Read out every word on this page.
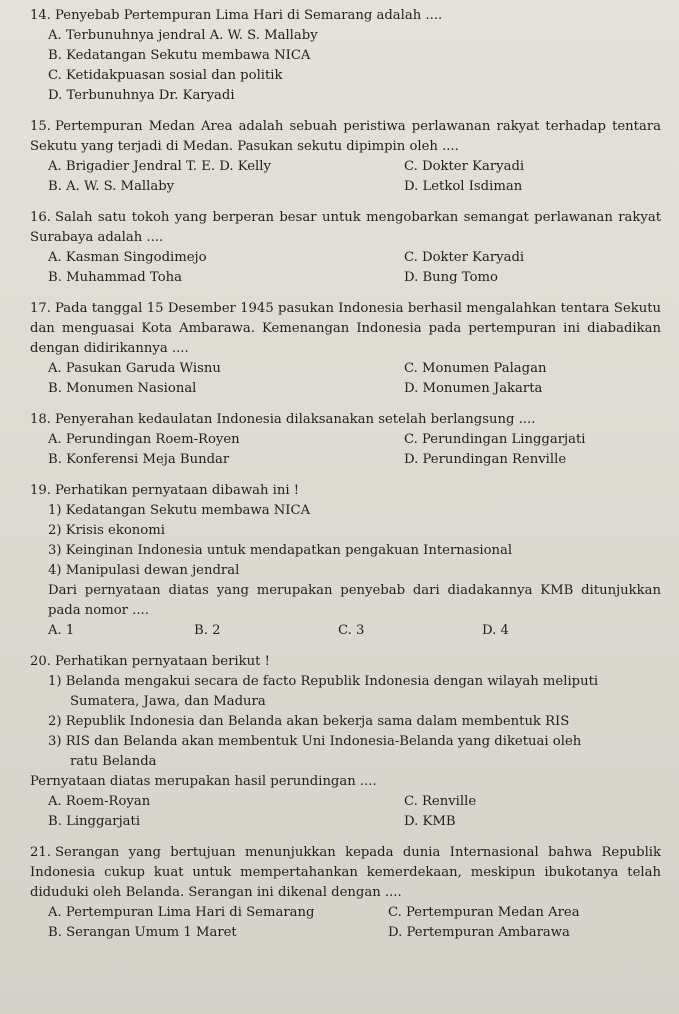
14. Penyebab Pertempuran Lima Hari di Semarang adalah ....
A. Terbunuhnya jendral A. W. S. Mallaby
B. Kedatangan Sekutu membawa NICA
C. Ketidakpuasan sosial dan politik
D. Terbunuhnya Dr. Karyadi
15. Pertempuran Medan Area adalah sebuah peristiwa perlawanan rakyat terhadap tentara Sekutu yang terjadi di Medan. Pasukan sekutu dipimpin oleh ....
A. Brigadier Jendral T. E. D. Kelly	C. Dokter Karyadi
B. A. W. S. Mallaby	D. Letkol Isdiman
16. Salah satu tokoh yang berperan besar untuk mengobarkan semangat perlawanan rakyat Surabaya adalah ....
A. Kasman Singodimejo	C. Dokter Karyadi
B. Muhammad Toha	D. Bung Tomo
17. Pada tanggal 15 Desember 1945 pasukan Indonesia berhasil mengalahkan tentara Sekutu dan menguasai Kota Ambarawa. Kemenangan Indonesia pada pertempuran ini diabadikan dengan didirikannya ....
A. Pasukan Garuda Wisnu	C. Monumen Palagan
B. Monumen Nasional	D. Monumen Jakarta
18. Penyerahan kedaulatan Indonesia dilaksanakan setelah berlangsung ....
A. Perundingan Roem-Royen	C. Perundingan Linggarjati
B. Konferensi Meja Bundar	D. Perundingan Renville
19. Perhatikan pernyataan dibawah ini !
1) Kedatangan Sekutu membawa NICA
2) Krisis ekonomi
3) Keinginan Indonesia untuk mendapatkan pengakuan Internasional
4) Manipulasi dewan jendral
Dari pernyataan diatas yang merupakan penyebab dari diadakannya KMB ditunjukkan pada nomor ....
A. 1	B. 2	C. 3	D. 4
20. Perhatikan pernyataan berikut !
1) Belanda mengakui secara de facto Republik Indonesia dengan wilayah meliputi
Sumatera, Jawa, dan Madura
2) Republik Indonesia dan Belanda akan bekerja sama dalam membentuk RIS
3) RIS dan Belanda akan membentuk Uni Indonesia-Belanda yang diketuai oleh
ratu Belanda
Pernyataan diatas merupakan hasil perundingan ....
A. Roem-Royan	C. Renville
B. Linggarjati	D. KMB
21. Serangan yang bertujuan menunjukkan kepada dunia Internasional bahwa Republik Indonesia cukup kuat untuk mempertahankan kemerdekaan, meskipun ibukotanya telah diduduki oleh Belanda. Serangan ini dikenal dengan ....
A. Pertempuran Lima Hari di Semarang	C. Pertempuran Medan Area
B. Serangan Umum 1 Maret	D. Pertempuran Ambarawa
